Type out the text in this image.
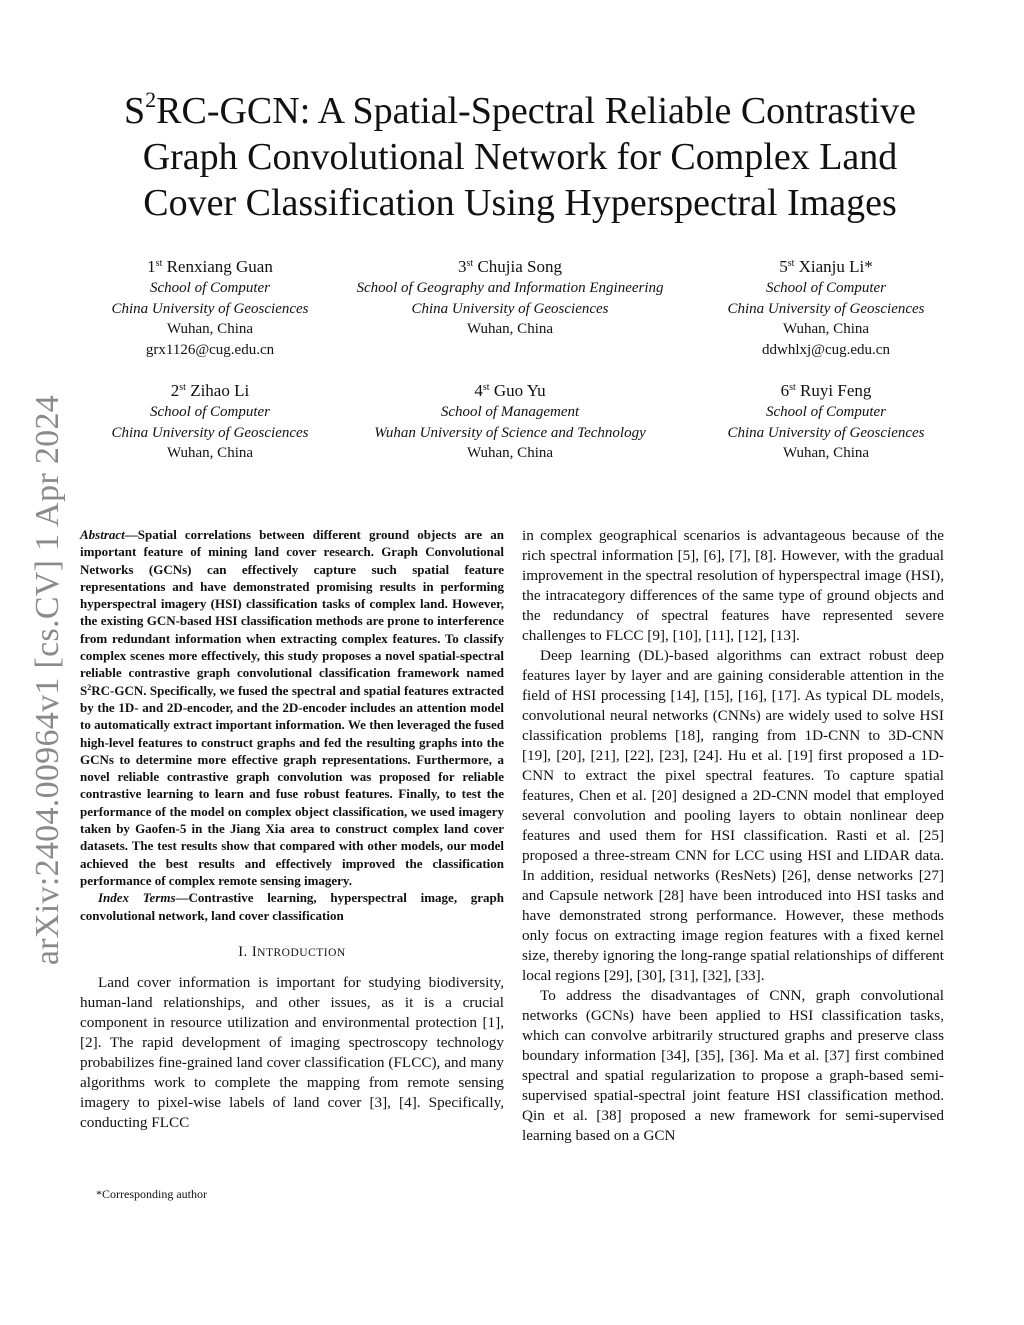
arXiv:2404.00964v1 [cs.CV] 1 Apr 2024
$S^2RC$-GCN: A Spatial-Spectral Reliable Contrastive
Graph Convolutional Network for Complex Land
Cover Classification Using Hyperspectral Images
1st Renxiang Guan
School of Computer
China University of Geosciences
Wuhan, China
grx1126@cug.edu.cn
3st Chujia Song
School of Geography and Information Engineering
China University of Geosciences
Wuhan, China
5st Xianju Li*
School of Computer
China University of Geosciences
Wuhan, China
ddwhlxj@cug.edu.cn
2st Zihao Li
School of Computer
China University of Geosciences
Wuhan, China
4st Guo Yu
School of Management
Wuhan University of Science and Technology
Wuhan, China
6st Ruyi Feng
School of Computer
China University of Geosciences
Wuhan, China

Abstract—Spatial correlations between different ground objects are an important feature of mining land cover research. Graph Convolutional Networks (GCNs) can effectively capture such spatial feature representations and have demonstrated promising results in performing hyperspectral imagery (HSI) classification tasks of complex land. However, the existing GCN-based HSI classification methods are prone to interference from redundant information when extracting complex features. To classify complex scenes more effectively, this study proposes a novel spatial-spectral reliable contrastive graph convolutional classification framework named $S^2RC$-GCN. Specifically, we fused the spectral and spatial features extracted by the 1D- and 2D-encoder, and the 2D-encoder includes an attention model to automatically extract important information. We then leveraged the fused high-level features to construct graphs and fed the resulting graphs into the GCNs to determine more effective graph representations. Furthermore, a novel reliable contrastive graph convolution was proposed for reliable contrastive learning to learn and fuse robust features. Finally, to test the performance of the model on complex object classification, we used imagery taken by Gaofen-5 in the Jiang Xia area to construct complex land cover datasets. The test results show that compared with other models, our model achieved the best results and effectively improved the classification performance of complex remote sensing imagery.

Index Terms—Contrastive learning, hyperspectral image, graph convolutional network, land cover classification

I. INTRODUCTION

Land cover information is important for studying biodiversity, human-land relationships, and other issues, as it is a crucial component in resource utilization and environmental protection [1], [2]. The rapid development of imaging spectroscopy technology probabilizes fine-grained land cover classification (FLCC), and many algorithms work to complete the mapping from remote sensing imagery to pixel-wise labels of land cover [3], [4]. Specifically, conducting FLCC

*Corresponding author

in complex geographical scenarios is advantageous because of the rich spectral information [5], [6], [7], [8]. However, with the gradual improvement in the spectral resolution of hyperspectral image (HSI), the intracategory differences of the same type of ground objects and the redundancy of spectral features have represented severe challenges to FLCC [9], [10], [11], [12], [13].

Deep learning (DL)-based algorithms can extract robust deep features layer by layer and are gaining considerable attention in the field of HSI processing [14], [15], [16], [17]. As typical DL models, convolutional neural networks (CNNs) are widely used to solve HSI classification problems [18], ranging from 1D-CNN to 3D-CNN [19], [20], [21], [22], [23], [24]. Hu et al. [19] first proposed a 1D-CNN to extract the pixel spectral features. To capture spatial features, Chen et al. [20] designed a 2D-CNN model that employed several convolution and pooling layers to obtain nonlinear deep features and used them for HSI classification. Rasti et al. [25] proposed a three-stream CNN for LCC using HSI and LIDAR data. In addition, residual networks (ResNets) [26], dense networks [27] and Capsule network [28] have been introduced into HSI tasks and have demonstrated strong performance. However, these methods only focus on extracting image region features with a fixed kernel size, thereby ignoring the long-range spatial relationships of different local regions [29], [30], [31], [32], [33].

To address the disadvantages of CNN, graph convolutional networks (GCNs) have been applied to HSI classification tasks, which can convolve arbitrarily structured graphs and preserve class boundary information [34], [35], [36]. Ma et al. [37] first combined spectral and spatial regularization to propose a graph-based semi-supervised spatial-spectral joint feature HSI classification method. Qin et al. [38] proposed a new framework for semi-supervised learning based on a GCN
